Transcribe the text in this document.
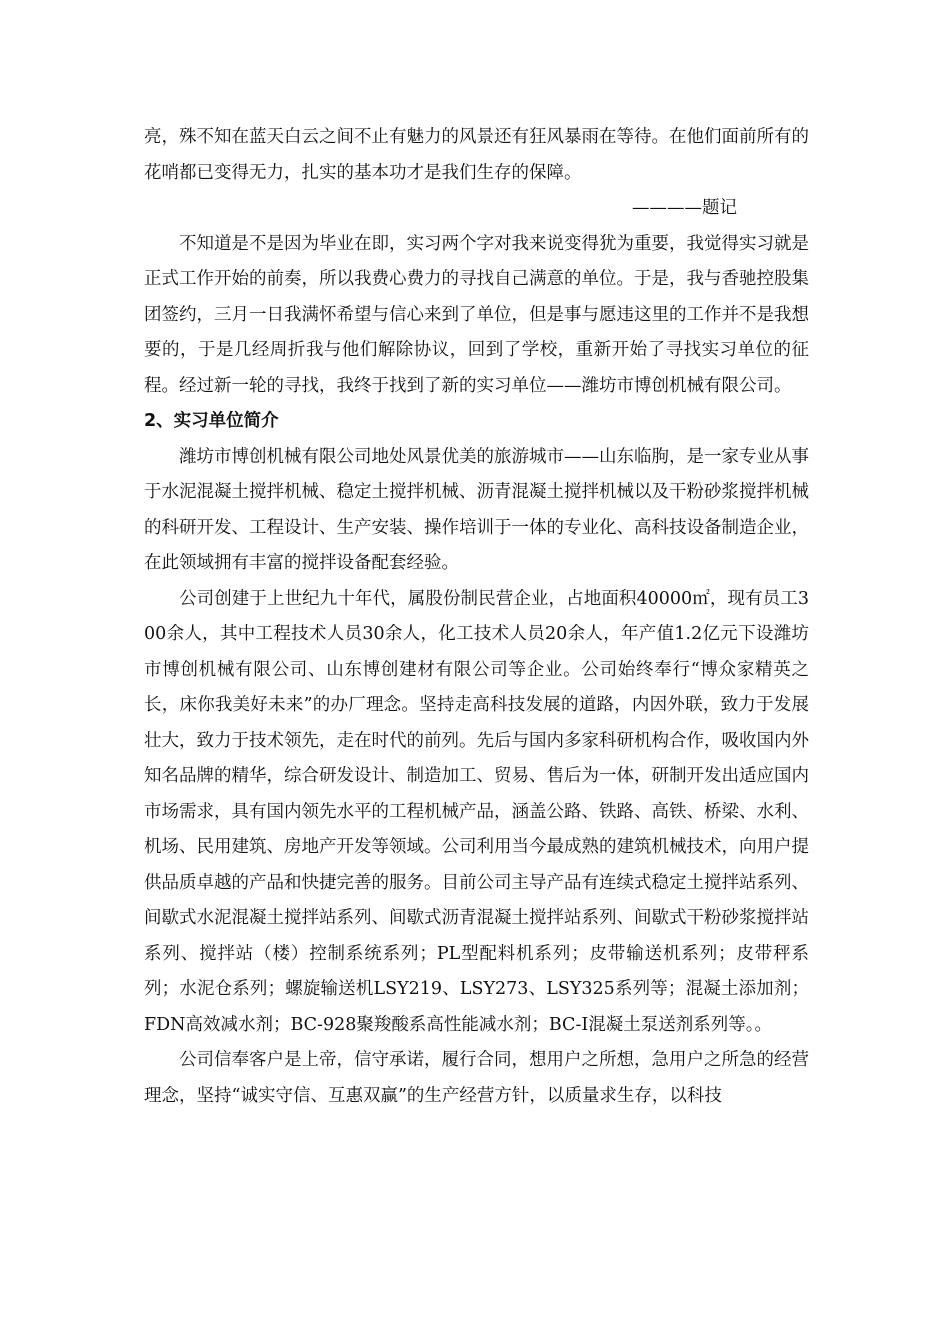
亮，殊不知在蓝天白云之间不止有魅力的风景还有狂风暴雨在等待。在他们面前所有的花哨都已变得无力，扎实的基本功才是我们生存的保障。

————题记

不知道是不是因为毕业在即，实习两个字对我来说变得犹为重要，我觉得实习就是正式工作开始的前奏，所以我费心费力的寻找自己满意的单位。于是，我与香驰控股集团签约，三月一日我满怀希望与信心来到了单位，但是事与愿违这里的工作并不是我想要的，于是几经周折我与他们解除协议，回到了学校，重新开始了寻找实习单位的征程。经过新一轮的寻找，我终于找到了新的实习单位——潍坊市博创机械有限公司。

2、实习单位简介

潍坊市博创机械有限公司地处风景优美的旅游城市——山东临朐，是一家专业从事于水泥混凝土搅拌机械、稳定土搅拌机械、沥青混凝土搅拌机械以及干粉砂浆搅拌机械的科研开发、工程设计、生产安装、操作培训于一体的专业化、高科技设备制造企业，在此领域拥有丰富的搅拌设备配套经验。

公司创建于上世纪九十年代，属股份制民营企业，占地面积40000㎡，现有员工300余人，其中工程技术人员30余人，化工技术人员20余人，年产值1.2亿元下设潍坊市博创机械有限公司、山东博创建材有限公司等企业。公司始终奉行“博众家精英之长，床你我美好未来”的办厂理念。坚持走高科技发展的道路，内因外联，致力于发展壮大，致力于技术领先，走在时代的前列。先后与国内多家科研机构合作，吸收国内外知名品牌的精华，综合研发设计、制造加工、贸易、售后为一体，研制开发出适应国内市场需求，具有国内领先水平的工程机械产品，涵盖公路、铁路、高铁、桥梁、水利、机场、民用建筑、房地产开发等领域。公司利用当今最成熟的建筑机械技术，向用户提供品质卓越的产品和快捷完善的服务。目前公司主导产品有连续式稳定土搅拌站系列、间歇式水泥混凝土搅拌站系列、间歇式沥青混凝土搅拌站系列、间歇式干粉砂浆搅拌站系列、搅拌站（楼）控制系统系列；PL型配料机系列；皮带输送机系列；皮带秤系列；水泥仓系列；螺旋输送机LSY219、LSY273、LSY325系列等；混凝土添加剂；FDN高效减水剂；BC-928聚羧酸系高性能减水剂；BC-I混凝土泵送剂系列等。。

公司信奉客户是上帝，信守承诺，履行合同，想用户之所想，急用户之所急的经营理念，坚持“诚实守信、互惠双赢”的生产经营方针，以质量求生存，以科技
